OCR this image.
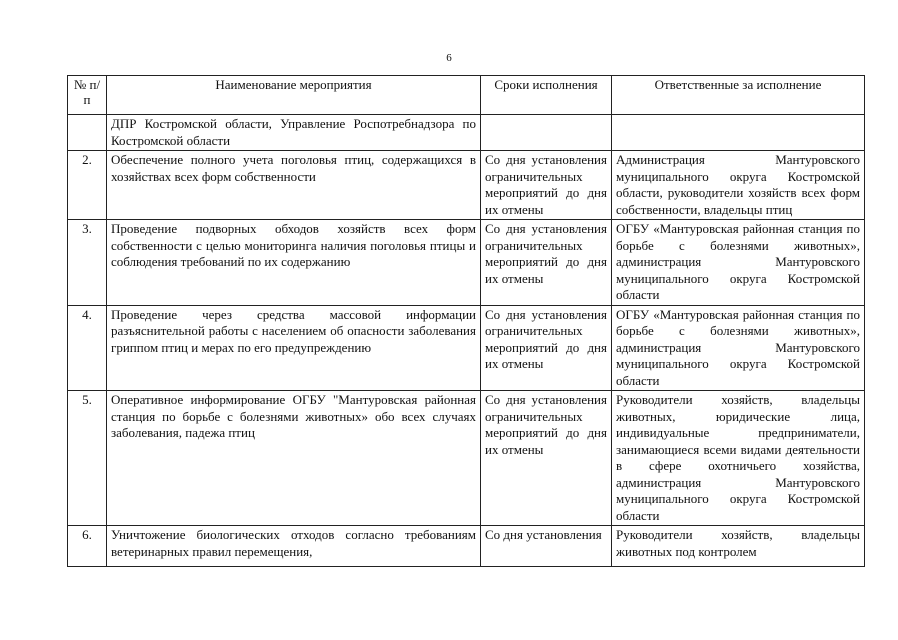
6
№ п/п	Наименование мероприятия	Сроки исполнения	Ответственные за исполнение
	ДПР Костромской области, Управление Роспотребнадзора по Костромской области		
2.	Обеспечение полного учета поголовья птиц, содержащихся в хозяйствах всех форм собственности	Со дня установления ограничительных мероприятий до дня их отмены	Администрация Мантуровского муниципального округа Костромской области, руководители хозяйств всех форм собственности, владельцы птиц
3.	Проведение подворных обходов хозяйств всех форм собственности с целью мониторинга наличия поголовья птицы и соблюдения требований по их содержанию	Со дня установления ограничительных мероприятий до дня их отмены	ОГБУ «Мантуровская районная станция по борьбе с болезнями животных», администрация Мантуровского муниципального округа Костромской области
4.	Проведение через средства массовой информации разъяснительной работы с населением об опасности заболевания гриппом птиц и мерах по его предупреждению	Со дня установления ограничительных мероприятий до дня их отмены	ОГБУ «Мантуровская районная станция по борьбе с болезнями животных», администрация Мантуровского муниципального округа Костромской области
5.	Оперативное информирование ОГБУ "Мантуровская районная станция по борьбе с болезнями животных» обо всех случаях заболевания, падежа птиц	Со дня установления ограничительных мероприятий до дня их отмены	Руководители хозяйств, владельцы животных, юридические лица, индивидуальные предприниматели, занимающиеся всеми видами деятельности в сфере охотничьего хозяйства, администрация Мантуровского муниципального округа Костромской области

6.	Уничтожение биологических отходов согласно требованиям ветеринарных правил перемещения,	Со дня установления	Руководители хозяйств, владельцы животных под контролем
